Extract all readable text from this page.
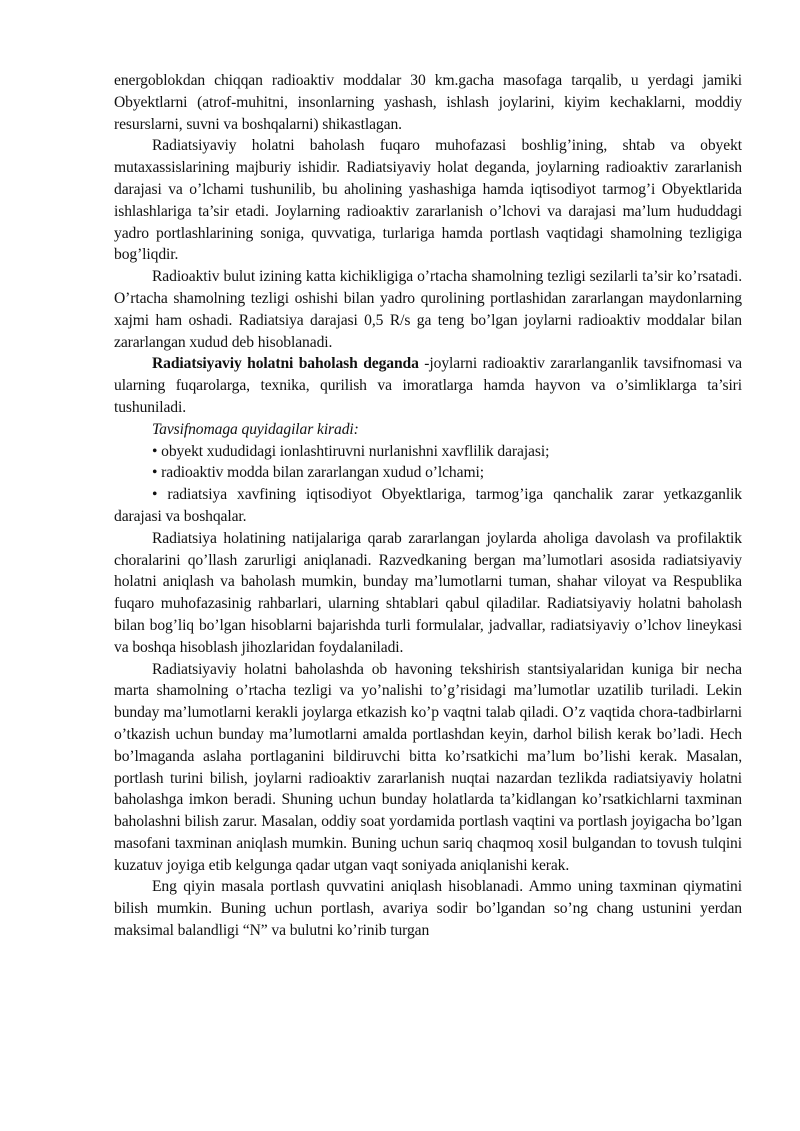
energoblokdan chiqqan radioaktiv moddalar 30 km.gacha masofaga tarqalib, u yerdagi jamiki Obyektlarni (atrof-muhitni, insonlarning yashash, ishlash joylarini, kiyim kechaklarni, moddiy resurslarni, suvni va boshqalarni) shikastlagan.

Radiatsiyaviy holatni baholash fuqaro muhofazasi boshlig’ining, shtab va obyekt mutaxassislarining majburiy ishidir. Radiatsiyaviy holat deganda, joylarning radioaktiv zararlanish darajasi va o’lchami tushunilib, bu aholining yashashiga hamda iqtisodiyot tarmog’i Obyektlarida ishlashlariga ta’sir etadi. Joylarning radioaktiv zararlanish o’lchovi va darajasi ma’lum hududdagi yadro portlashlarining soniga, quvvatiga, turlariga hamda portlash vaqtidagi shamolning tezligiga bog’liqdir.

Radioaktiv bulut izining katta kichikligiga o’rtacha shamolning tezligi sezilarli ta’sir ko’rsatadi. O’rtacha shamolning tezligi oshishi bilan yadro qurolining portlashidan zararlangan maydonlarning xajmi ham oshadi. Radiatsiya darajasi 0,5 R/s ga teng bo’lgan joylarni radioaktiv moddalar bilan zararlangan xudud deb hisoblanadi.

Radiatsiyaviy holatni baholash deganda -joylarni radioaktiv zararlanganlik tavsifnomasi va ularning fuqarolarga, texnika, qurilish va imoratlarga hamda hayvon va o’simliklarga ta’siri tushuniladi.

Tavsifnomaga quyidagilar kiradi:

• obyekt xududidagi ionlashtiruvni nurlanishni xavflilik darajasi;

• radioaktiv modda bilan zararlangan xudud o’lchami;

• radiatsiya xavfining iqtisodiyot Obyektlariga, tarmog’iga qanchalik zarar yetkazganlik darajasi va boshqalar.

Radiatsiya holatining natijalariga qarab zararlangan joylarda aholiga davolash va profilaktik choralarini qo’llash zarurligi aniqlanadi. Razvedkaning bergan ma’lumotlari asosida radiatsiyaviy holatni aniqlash va baholash mumkin, bunday ma’lumotlarni tuman, shahar viloyat va Respublika fuqaro muhofazasinig rahbarlari, ularning shtablari qabul qiladilar. Radiatsiyaviy holatni baholash bilan bog’liq bo’lgan hisoblarni bajarishda turli formulalar, jadvallar, radiatsiyaviy o’lchov lineykasi va boshqa hisoblash jihozlaridan foydalaniladi.

Radiatsiyaviy holatni baholashda ob havoning tekshirish stantsiyalaridan kuniga bir necha marta shamolning o’rtacha tezligi va yo’nalishi to’g’risidagi ma’lumotlar uzatilib turiladi. Lekin bunday ma’lumotlarni kerakli joylarga etkazish ko’p vaqtni talab qiladi. O’z vaqtida chora-tadbirlarni o’tkazish uchun bunday ma’lumotlarni amalda portlashdan keyin, darhol bilish kerak bo’ladi. Hech bo’lmaganda aslaha portlaganini bildiruvchi bitta ko’rsatkichi ma’lum bo’lishi kerak. Masalan, portlash turini bilish, joylarni radioaktiv zararlanish nuqtai nazardan tezlikda radiatsiyaviy holatni baholashga imkon beradi. Shuning uchun bunday holatlarda ta’kidlangan ko’rsatkichlarni taxminan baholashni bilish zarur. Masalan, oddiy soat yordamida portlash vaqtini va portlash joyigacha bo’lgan masofani taxminan aniqlash mumkin. Buning uchun sariq chaqmoq xosil bulgandan to tovush tulqini kuzatuv joyiga etib kelgunga qadar utgan vaqt soniyada aniqlanishi kerak.

Eng qiyin masala portlash quvvatini aniqlash hisoblanadi. Ammo uning taxminan qiymatini bilish mumkin. Buning uchun portlash, avariya sodir bo’lgandan so’ng chang ustunini yerdan maksimal balandligi “N” va bulutni ko’rinib turgan
